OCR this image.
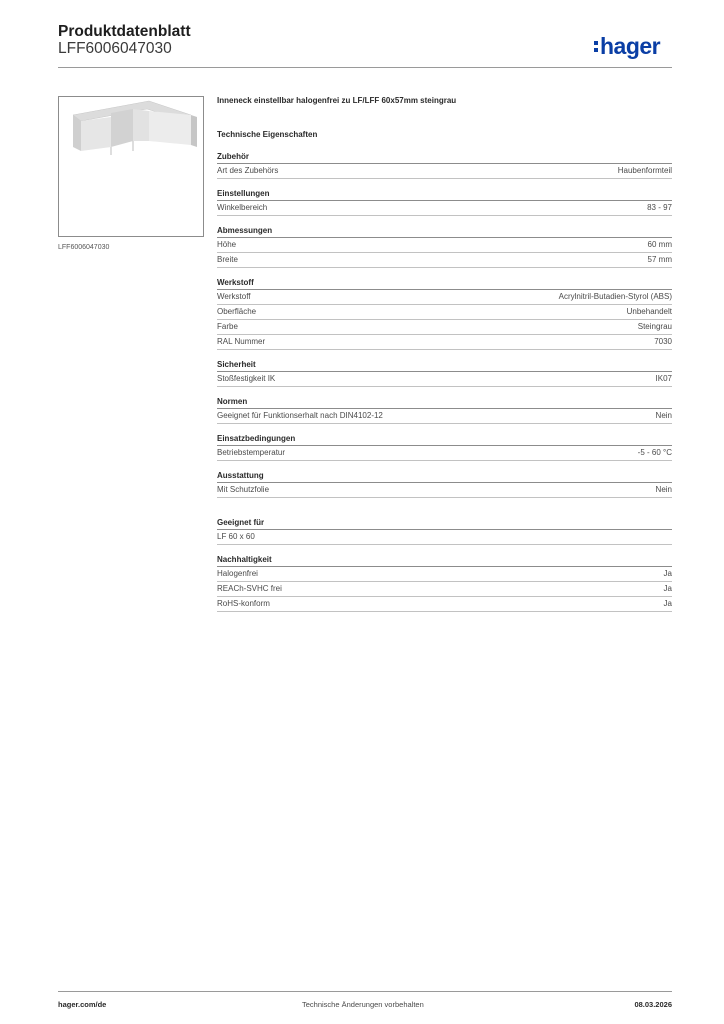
Produktdatenblatt
LFF6006047030	hager
LFF6006047030
Inneneck einstellbar halogenfrei zu LF/LFF 60x57mm steingrau
Technische Eigenschaften
Zubehör
Art des Zubehörs	Haubenformteil
Einstellungen
Winkelbereich	83 - 97
Abmessungen
Höhe	60 mm
Breite	57 mm
Werkstoff
Werkstoff	Acrylnitril-Butadien-Styrol (ABS)
Oberfläche	Unbehandelt
Farbe	Steingrau
RAL Nummer	7030
Sicherheit
Stoßfestigkeit IK	IK07
Normen
Geeignet für Funktionserhalt nach DIN4102-12	Nein
Einsatzbedingungen
Betriebstemperatur	-5 - 60 °C
Ausstattung
Mit Schutzfolie	Nein
Geeignet für
LF 60 x 60
Nachhaltigkeit
Halogenfrei	Ja
REACh-SVHC frei	Ja
RoHS-konform	Ja
hager.com/de	Technische Änderungen vorbehalten	08.03.2026
